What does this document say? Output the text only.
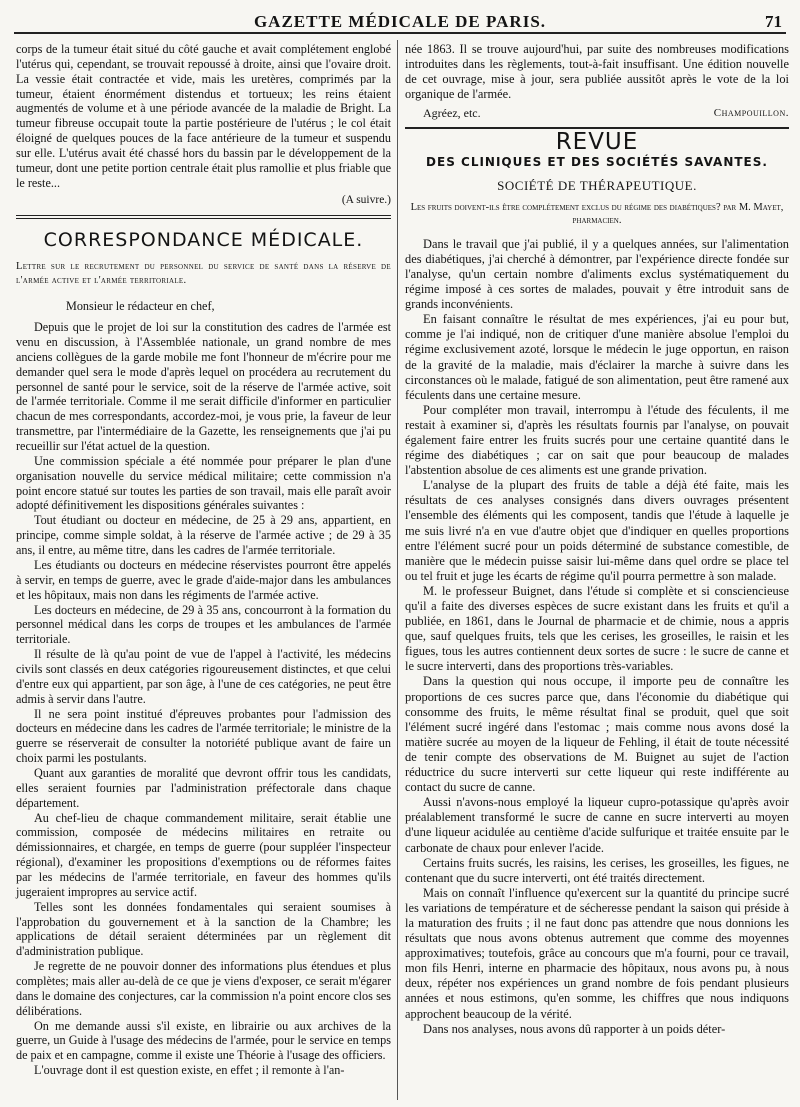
GAZETTE MÉDICALE DE PARIS.	71

corps de la tumeur était situé du côté gauche et avait complétement englobé l'utérus qui, cependant, se trouvait repoussé à droite, ainsi que l'ovaire droit. La vessie était contractée et vide, mais les uretères, comprimés par la tumeur, étaient énormément distendus et tortueux; les reins étaient augmentés de volume et à une période avancée de la maladie de Bright. La tumeur fibreuse occupait toute la partie postérieure de l'utérus ; le col était éloigné de quelques pouces de la face antérieure de la tumeur et suspendu sur elle. L'utérus avait été chassé hors du bassin par le développement de la tumeur, dont une petite portion centrale était plus ramollie et plus friable que le reste...

(A suivre.)
CORRESPONDANCE MÉDICALE.
Lettre sur le recrutement du personnel du service de santé dans la réserve de l'armée active et l'armée territoriale.

Monsieur le rédacteur en chef,

Depuis que le projet de loi sur la constitution des cadres de l'armée est venu en discussion, à l'Assemblée nationale, un grand nombre de mes anciens collègues de la garde mobile me font l'honneur de m'écrire pour me demander quel sera le mode d'après lequel on procédera au recrutement du personnel de santé pour le service, soit de la réserve de l'armée active, soit de l'armée territoriale. Comme il me serait difficile d'informer en particulier chacun de mes correspondants, accordez-moi, je vous prie, la faveur de leur transmettre, par l'intermédiaire de la Gazette, les renseignements que j'ai pu recueillir sur l'état actuel de la question.

Une commission spéciale a été nommée pour préparer le plan d'une organisation nouvelle du service médical militaire; cette commission n'a point encore statué sur toutes les parties de son travail, mais elle paraît avoir adopté définitivement les dispositions générales suivantes :

Tout étudiant ou docteur en médecine, de 25 à 29 ans, appartient, en principe, comme simple soldat, à la réserve de l'armée active ; de 29 à 35 ans, il entre, au même titre, dans les cadres de l'armée territoriale.

Les étudiants ou docteurs en médecine réservistes pourront être appelés à servir, en temps de guerre, avec le grade d'aide-major dans les ambulances et les hôpitaux, mais non dans les régiments de l'armée active.

Les docteurs en médecine, de 29 à 35 ans, concourront à la formation du personnel médical dans les corps de troupes et les ambulances de l'armée territoriale.

Il résulte de là qu'au point de vue de l'appel à l'activité, les médecins civils sont classés en deux catégories rigoureusement distinctes, et que celui d'entre eux qui appartient, par son âge, à l'une de ces catégories, ne peut être admis à servir dans l'autre.

Il ne sera point institué d'épreuves probantes pour l'admission des docteurs en médecine dans les cadres de l'armée territoriale; le ministre de la guerre se réserverait de consulter la notoriété publique avant de faire un choix parmi les postulants.

Quant aux garanties de moralité que devront offrir tous les candidats, elles seraient fournies par l'administration préfectorale dans chaque département.

Au chef-lieu de chaque commandement militaire, serait établie une commission, composée de médecins militaires en retraite ou démissionnaires, et chargée, en temps de guerre (pour suppléer l'inspecteur régional), d'examiner les propositions d'exemptions ou de réformes faites par les médecins de l'armée territoriale, en faveur des hommes qu'ils jugeraient impropres au service actif.

Telles sont les données fondamentales qui seraient soumises à l'approbation du gouvernement et à la sanction de la Chambre; les applications de détail seraient déterminées par un règlement dit d'administration publique.

Je regrette de ne pouvoir donner des informations plus étendues et plus complètes; mais aller au-delà de ce que je viens d'exposer, ce serait m'égarer dans le domaine des conjectures, car la commission n'a point encore clos ses délibérations.

On me demande aussi s'il existe, en librairie ou aux archives de la guerre, un Guide à l'usage des médecins de l'armée, pour le service en temps de paix et en campagne, comme il existe une Théorie à l'usage des officiers.

L'ouvrage dont il est question existe, en effet ; il remonte à l'an-

née 1863. Il se trouve aujourd'hui, par suite des nombreuses modifications introduites dans les règlements, tout-à-fait insuffisant. Une édition nouvelle de cet ouvrage, mise à jour, sera publiée aussitôt après le vote de la loi organique de l'armée.

Agréez, etc.	Champouillon.
REVUE
DES CLINIQUES ET DES SOCIÉTÉS SAVANTES.
SOCIÉTÉ DE THÉRAPEUTIQUE.
Les fruits doivent-ils être complétement exclus du régime des diabétiques? par M. Mayet, pharmacien.

Dans le travail que j'ai publié, il y a quelques années, sur l'alimentation des diabétiques, j'ai cherché à démontrer, par l'expérience directe fondée sur l'analyse, qu'un certain nombre d'aliments exclus systématiquement du régime imposé à ces sortes de malades, pouvait y être introduit sans de grands inconvénients.

En faisant connaître le résultat de mes expériences, j'ai eu pour but, comme je l'ai indiqué, non de critiquer d'une manière absolue l'emploi du régime exclusivement azoté, lorsque le médecin le juge opportun, en raison de la gravité de la maladie, mais d'éclairer la marche à suivre dans les circonstances où le malade, fatigué de son alimentation, peut être ramené aux féculents dans une certaine mesure.

Pour compléter mon travail, interrompu à l'étude des féculents, il me restait à examiner si, d'après les résultats fournis par l'analyse, on pouvait également faire entrer les fruits sucrés pour une certaine quantité dans le régime des diabétiques ; car on sait que pour beaucoup de malades l'abstention absolue de ces aliments est une grande privation.

L'analyse de la plupart des fruits de table a déjà été faite, mais les résultats de ces analyses consignés dans divers ouvrages présentent l'ensemble des éléments qui les composent, tandis que l'étude à laquelle je me suis livré n'a en vue d'autre objet que d'indiquer en quelles proportions entre l'élément sucré pour un poids déterminé de substance comestible, de manière que le médecin puisse saisir lui-même dans quel ordre se place tel ou tel fruit et juge les écarts de régime qu'il pourra permettre à son malade.

M. le professeur Buignet, dans l'étude si complète et si consciencieuse qu'il a faite des diverses espèces de sucre existant dans les fruits et qu'il a publiée, en 1861, dans le Journal de pharmacie et de chimie, nous a appris que, sauf quelques fruits, tels que les cerises, les groseilles, le raisin et les figues, tous les autres contiennent deux sortes de sucre : le sucre de canne et le sucre interverti, dans des proportions très-variables.

Dans la question qui nous occupe, il importe peu de connaître les proportions de ces sucres parce que, dans l'économie du diabétique qui consomme des fruits, le même résultat final se produit, quel que soit l'élément sucré ingéré dans l'estomac ; mais comme nous avons dosé la matière sucrée au moyen de la liqueur de Fehling, il était de toute nécessité de tenir compte des observations de M. Buignet au sujet de l'action réductrice du sucre interverti sur cette liqueur qui reste indifférente au contact du sucre de canne.

Aussi n'avons-nous employé la liqueur cupro-potassique qu'après avoir préalablement transformé le sucre de canne en sucre interverti au moyen d'une liqueur acidulée au centième d'acide sulfurique et traitée ensuite par le carbonate de chaux pour enlever l'acide.

Certains fruits sucrés, les raisins, les cerises, les groseilles, les figues, ne contenant que du sucre interverti, ont été traités directement.

Mais on connaît l'influence qu'exercent sur la quantité du principe sucré les variations de température et de sécheresse pendant la saison qui préside à la maturation des fruits ; il ne faut donc pas attendre que nous donnions les résultats que nous avons obtenus autrement que comme des moyennes approximatives; toutefois, grâce au concours que m'a fourni, pour ce travail, mon fils Henri, interne en pharmacie des hôpitaux, nous avons pu, à nous deux, répéter nos expériences un grand nombre de fois pendant plusieurs années et nous estimons, qu'en somme, les chiffres que nous indiquons approchent beaucoup de la vérité.

Dans nos analyses, nous avons dû rapporter à un poids déter-
